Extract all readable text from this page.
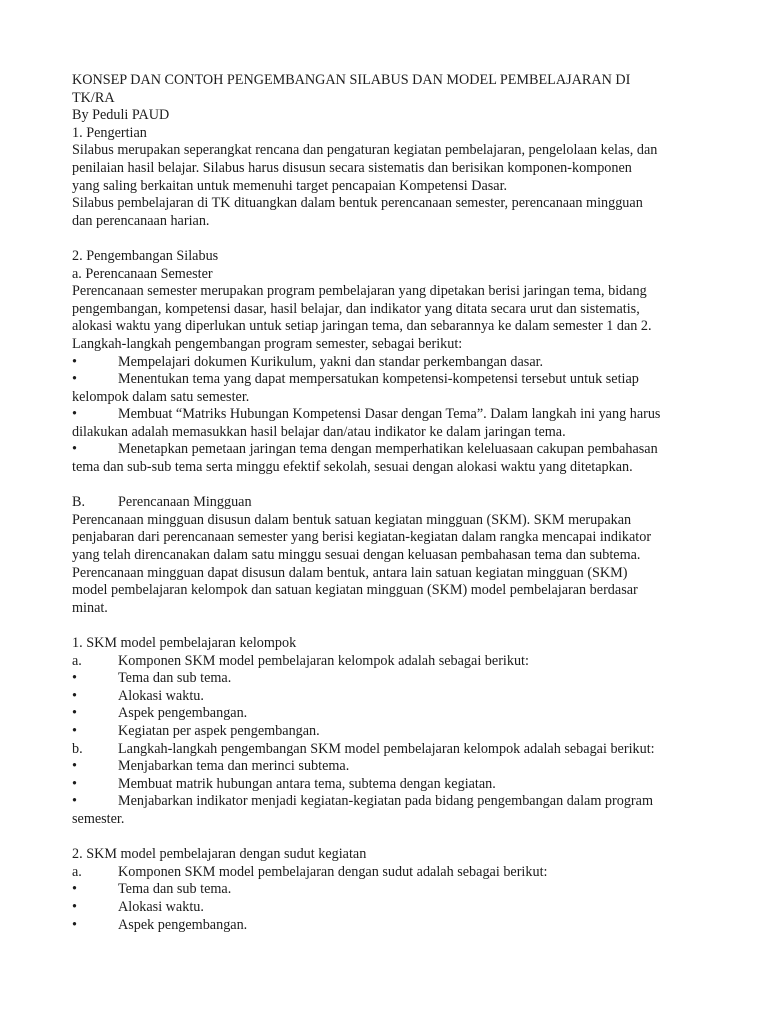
KONSEP DAN CONTOH PENGEMBANGAN SILABUS DAN MODEL PEMBELAJARAN DI
TK/RA
By Peduli PAUD
1. Pengertian
Silabus merupakan seperangkat rencana dan pengaturan kegiatan pembelajaran, pengelolaan kelas, dan
penilaian hasil belajar. Silabus harus disusun secara sistematis dan berisikan komponen-komponen
yang saling berkaitan untuk memenuhi target pencapaian Kompetensi Dasar.
Silabus pembelajaran di TK dituangkan dalam bentuk perencanaan semester, perencanaan mingguan
dan perencanaan harian.
2. Pengembangan Silabus
a. Perencanaan Semester
Perencanaan semester merupakan program pembelajaran yang dipetakan berisi jaringan tema, bidang
pengembangan, kompetensi dasar, hasil belajar, dan indikator yang ditata secara urut dan sistematis,
alokasi waktu yang diperlukan untuk setiap jaringan tema, dan sebarannya ke dalam semester 1 dan 2.
Langkah-langkah pengembangan program semester, sebagai berikut:
•	Mempelajari dokumen Kurikulum, yakni dan standar perkembangan dasar.
•	Menentukan tema yang dapat mempersatukan kompetensi-kompetensi tersebut untuk setiap
kelompok dalam satu semester.
•	Membuat “Matriks Hubungan Kompetensi Dasar dengan Tema”. Dalam langkah ini yang harus
dilakukan adalah memasukkan hasil belajar dan/atau indikator ke dalam jaringan tema.
•	Menetapkan pemetaan jaringan tema dengan memperhatikan keleluasaan cakupan pembahasan
tema dan sub-sub tema serta minggu efektif sekolah, sesuai dengan alokasi waktu yang ditetapkan.
B. Perencanaan Mingguan
Perencanaan mingguan disusun dalam bentuk satuan kegiatan mingguan (SKM). SKM merupakan
penjabaran dari perencanaan semester yang berisi kegiatan-kegiatan dalam rangka mencapai indikator
yang telah direncanakan dalam satu minggu sesuai dengan keluasan pembahasan tema dan subtema.
Perencanaan mingguan dapat disusun dalam bentuk, antara lain satuan kegiatan mingguan (SKM)
model pembelajaran kelompok dan satuan kegiatan mingguan (SKM) model pembelajaran berdasar
minat.
1. SKM model pembelajaran kelompok
a.	Komponen SKM model pembelajaran kelompok adalah sebagai berikut:
•	Tema dan sub tema.
•	Alokasi waktu.
•	Aspek pengembangan.
•	Kegiatan per aspek pengembangan.
b. Langkah-langkah pengembangan SKM model pembelajaran kelompok adalah sebagai berikut:
•	Menjabarkan tema dan merinci subtema.
•	Membuat matrik hubungan antara tema, subtema dengan kegiatan.
•	Menjabarkan indikator menjadi kegiatan-kegiatan pada bidang pengembangan dalam program
semester.
2. SKM model pembelajaran dengan sudut kegiatan
a.	Komponen SKM model pembelajaran dengan sudut adalah sebagai berikut:
•	Tema dan sub tema.
•	Alokasi waktu.
•	Aspek pengembangan.
